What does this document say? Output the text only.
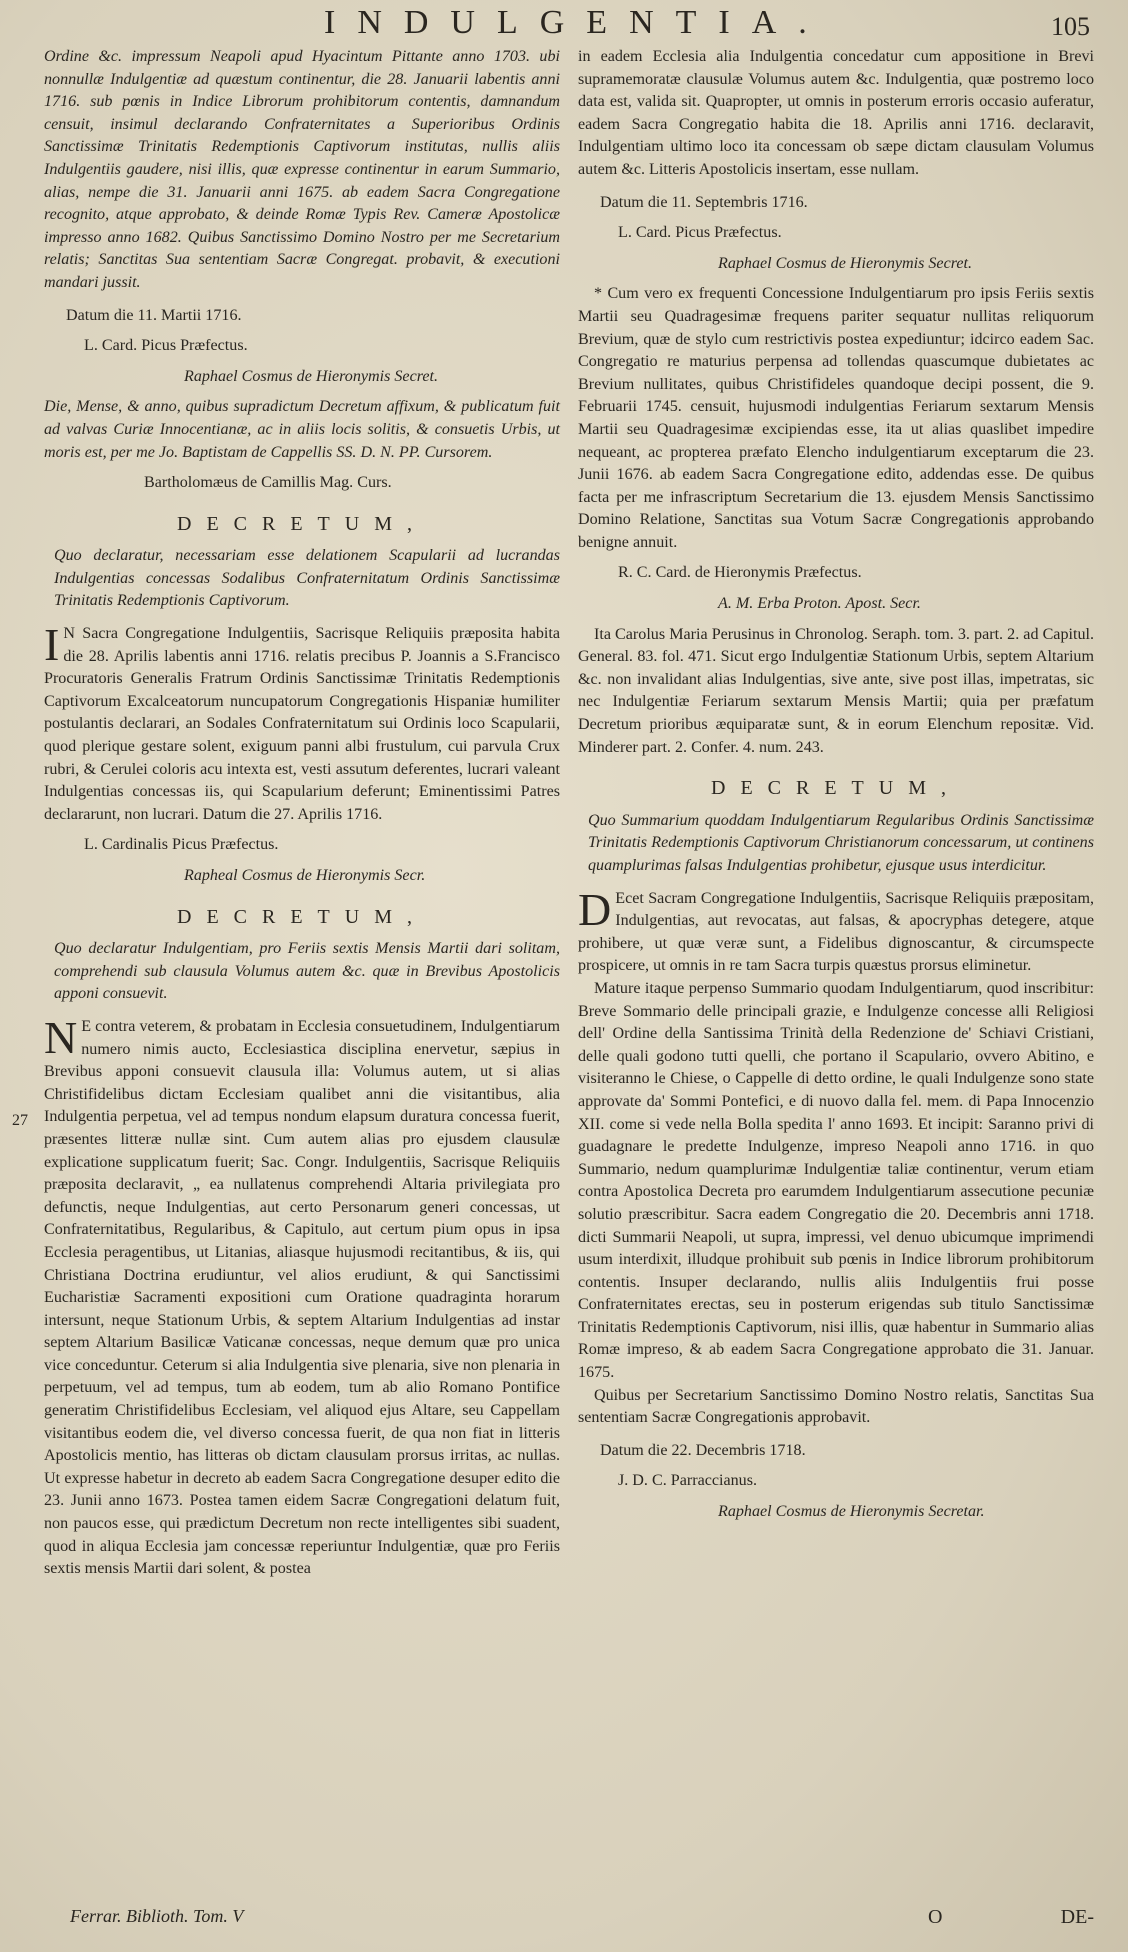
INDULGENTIA.	105

Ordine &c. impressum Neapoli apud Hyacintum Pittante anno 1703. ubi nonnullæ Indulgentiæ ad quæstum continentur, die 28. Januarii labentis anni 1716. sub pœnis in Indice Librorum prohibitorum contentis, damnandum censuit, insimul declarando Confraternitates a Superioribus Ordinis Sanctissimæ Trinitatis Redemptionis Captivorum institutas, nullis aliis Indulgentiis gaudere, nisi illis, quæ expresse continentur in earum Summario, alias, nempe die 31. Januarii anni 1675. ab eadem Sacra Congregatione recognito, atque approbato, & deinde Romæ Typis Rev. Cameræ Apostolicæ impresso anno 1682. Quibus Sanctissimo Domino Nostro per me Secretarium relatis; Sanctitas Sua sententiam Sacræ Congregat. probavit, & executioni mandari jussit.

Datum die 11. Martii 1716.

L. Card. Picus Præfectus.

Raphael Cosmus de Hieronymis Secret.

Die, Mense, & anno, quibus supradictum Decretum affixum, & publicatum fuit ad valvas Curiæ Innocentianæ, ac in aliis locis solitis, & consuetis Urbis, ut moris est, per me Jo. Baptistam de Cappellis SS. D. N. PP. Cursorem.

Bartholomæus de Camillis Mag. Curs.

DECRETUM,

Quo declaratur, necessariam esse delationem Scapularii ad lucrandas Indulgentias concessas Sodalibus Confraternitatum Ordinis Sanctissimæ Trinitatis Redemptionis Captivorum.

IN Sacra Congregatione Indulgentiis, Sacrisque Reliquiis præposita habita die 28. Aprilis labentis anni 1716. relatis precibus P. Joannis a S.Francisco Procuratoris Generalis Fratrum Ordinis Sanctissimæ Trinitatis Redemptionis Captivorum Excalceatorum nuncupatorum Congregationis Hispaniæ humiliter postulantis declarari, an Sodales Confraternitatum sui Ordinis loco Scapularii, quod plerique gestare solent, exiguum panni albi frustulum, cui parvula Crux rubri, & Cerulei coloris acu intexta est, vesti assutum deferentes, lucrari valeant Indulgentias concessas iis, qui Scapularium deferunt; Eminentissimi Patres declararunt, non lucrari. Datum die 27. Aprilis 1716.

L. Cardinalis Picus Præfectus.

Rapheal Cosmus de Hieronymis Secr.

DECRETUM,

Quo declaratur Indulgentiam, pro Feriis sextis Mensis Martii dari solitam, comprehendi sub clausula Volumus autem &c. quæ in Brevibus Apostolicis apponi consuevit.

NE contra veterem, & probatam in Ecclesia consuetudinem, Indulgentiarum numero nimis aucto, Ecclesiastica disciplina enervetur, sæpius in Brevibus apponi consuevit clausula illa: Volumus autem, ut si alias Christifidelibus dictam Ecclesiam qualibet anni die visitantibus, alia Indulgentia perpetua, vel ad tempus nondum elapsum duratura concessa fuerit, præsentes litteræ nullæ sint. Cum autem alias pro ejusdem clausulæ explicatione supplicatum fuerit; Sac. Congr. Indulgentiis, Sacrisque Reliquiis præposita declaravit, „ ea nullatenus comprehendi Altaria privilegiata pro defunctis, neque Indulgentias, aut certo Personarum generi concessas, ut Confraternitatibus, Regularibus, & Capitulo, aut certum pium opus in ipsa Ecclesia peragentibus, ut Litanias, aliasque hujusmodi recitantibus, & iis, qui Christiana Doctrina erudiuntur, vel alios erudiunt, & qui Sanctissimi Eucharistiæ Sacramenti expositioni cum Oratione quadraginta horarum intersunt, neque Stationum Urbis, & septem Altarium Indulgentias ad instar septem Altarium Basilicæ Vaticanæ concessas, neque demum quæ pro unica vice conceduntur. Ceterum si alia Indulgentia sive plenaria, sive non plenaria in perpetuum, vel ad tempus, tum ab eodem, tum ab alio Romano Pontifice generatim Christifidelibus Ecclesiam, vel aliquod ejus Altare, seu Cappellam visitantibus eodem die, vel diverso concessa fuerit, de qua non fiat in litteris Apostolicis mentio, has litteras ob dictam clausulam prorsus irritas, ac nullas. Ut expresse habetur in decreto ab eadem Sacra Congregatione desuper edito die 23. Junii anno 1673. Postea tamen eidem Sacræ Congregationi delatum fuit, non paucos esse, qui prædictum Decretum non recte intelligentes sibi suadent, quod in aliqua Ecclesia jam concessæ reperiuntur Indulgentiæ, quæ pro Feriis sextis mensis Martii dari solent, & postea

in eadem Ecclesia alia Indulgentia concedatur cum appositione in Brevi supramemoratæ clausulæ Volumus autem &c. Indulgentia, quæ postremo loco data est, valida sit. Quapropter, ut omnis in posterum erroris occasio auferatur, eadem Sacra Congregatio habita die 18. Aprilis anni 1716. declaravit, Indulgentiam ultimo loco ita concessam ob sæpe dictam clausulam Volumus autem &c. Litteris Apostolicis insertam, esse nullam.

Datum die 11. Septembris 1716.

L. Card. Picus Præfectus.

Raphael Cosmus de Hieronymis Secret.

* Cum vero ex frequenti Concessione Indulgentiarum pro ipsis Feriis sextis Martii seu Quadragesimæ frequens pariter sequatur nullitas reliquorum Brevium, quæ de stylo cum restrictivis postea expediuntur; idcirco eadem Sac. Congregatio re maturius perpensa ad tollendas quascumque dubietates ac Brevium nullitates, quibus Christifideles quandoque decipi possent, die 9. Februarii 1745. censuit, hujusmodi indulgentias Feriarum sextarum Mensis Martii seu Quadragesimæ excipiendas esse, ita ut alias quaslibet impedire nequeant, ac propterea præfato Elencho indulgentiarum exceptarum die 23. Junii 1676. ab eadem Sacra Congregatione edito, addendas esse. De quibus facta per me infrascriptum Secretarium die 13. ejusdem Mensis Sanctissimo Domino Relatione, Sanctitas sua Votum Sacræ Congregationis approbando benigne annuit.

R. C. Card. de Hieronymis Præfectus.

A. M. Erba Proton. Apost. Secr.

Ita Carolus Maria Perusinus in Chronolog. Seraph. tom. 3. part. 2. ad Capitul. General. 83. fol. 471. Sicut ergo Indulgentiæ Stationum Urbis, septem Altarium &c. non invalidant alias Indulgentias, sive ante, sive post illas, impetratas, sic nec Indulgentiæ Feriarum sextarum Mensis Martii; quia per præfatum Decretum prioribus æquiparatæ sunt, & in eorum Elenchum repositæ. Vid. Minderer part. 2. Confer. 4. num. 243.

DECRETUM,

Quo Summarium quoddam Indulgentiarum Regularibus Ordinis Sanctissimæ Trinitatis Redemptionis Captivorum Christianorum concessarum, ut continens quamplurimas falsas Indulgentias prohibetur, ejusque usus interdicitur.

DEcet Sacram Congregatione Indulgentiis, Sacrisque Reliquiis præpositam, Indulgentias, aut revocatas, aut falsas, & apocryphas detegere, atque prohibere, ut quæ veræ sunt, a Fidelibus dignoscantur, & circumspecte prospicere, ut omnis in re tam Sacra turpis quæstus prorsus eliminetur.

Mature itaque perpenso Summario quodam Indulgentiarum, quod inscribitur: Breve Sommario delle principali grazie, e Indulgenze concesse alli Religiosi dell' Ordine della Santissima Trinità della Redenzione de' Schiavi Cristiani, delle quali godono tutti quelli, che portano il Scapulario, ovvero Abitino, e visiteranno le Chiese, o Cappelle di detto ordine, le quali Indulgenze sono state approvate da' Sommi Pontefici, e di nuovo dalla fel. mem. di Papa Innocenzio XII. come si vede nella Bolla spedita l' anno 1693. Et incipit: Saranno privi di guadagnare le predette Indulgenze, impreso Neapoli anno 1716. in quo Summario, nedum quamplurimæ Indulgentiæ taliæ continentur, verum etiam contra Apostolica Decreta pro earumdem Indulgentiarum assecutione pecuniæ solutio præscribitur. Sacra eadem Congregatio die 20. Decembris anni 1718. dicti Summarii Neapoli, ut supra, impressi, vel denuo ubicumque imprimendi usum interdixit, illudque prohibuit sub pœnis in Indice librorum prohibitorum contentis. Insuper declarando, nullis aliis Indulgentiis frui posse Confraternitates erectas, seu in posterum erigendas sub titulo Sanctissimæ Trinitatis Redemptionis Captivorum, nisi illis, quæ habentur in Summario alias Romæ impreso, & ab eadem Sacra Congregatione approbato die 31. Januar. 1675.

Quibus per Secretarium Sanctissimo Domino Nostro relatis, Sanctitas Sua sententiam Sacræ Congregationis approbavit.

Datum die 22. Decembris 1718.

J. D. C. Parraccianus.

Raphael Cosmus de Hieronymis Secretar.

27
Ferrar. Biblioth. Tom. V	O	DE-
